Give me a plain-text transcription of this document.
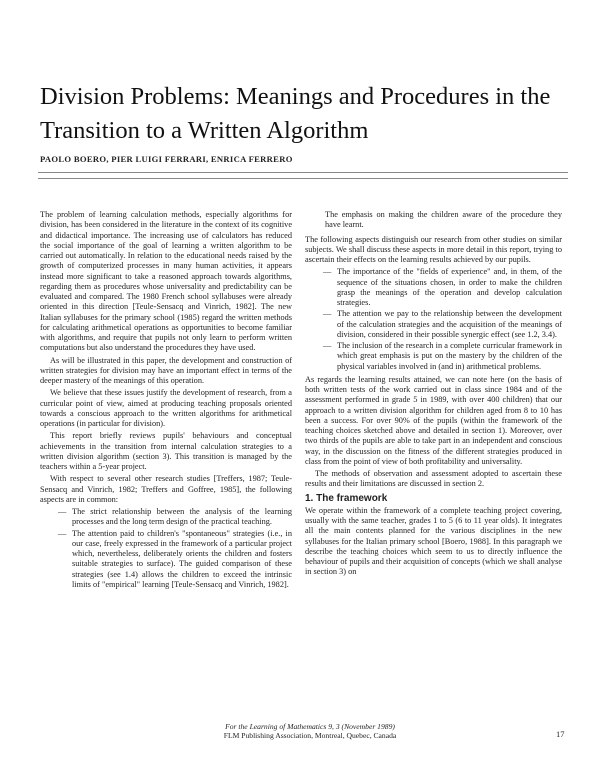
Division Problems: Meanings and Procedures in the Transition to a Written Algorithm
PAOLO BOERO, PIER LUIGI FERRARI, ENRICA FERRERO

The problem of learning calculation methods, especially algorithms for division, has been considered in the literature in the context of its cognitive and didactical importance. The increasing use of calculators has reduced the social importance of the goal of learning a written algorithm to be carried out automatically. In relation to the educational needs raised by the growth of computerized processes in many human activities, it appears instead more significant to take a reasoned approach towards algorithms, regarding them as procedures whose universality and predictability can be evaluated and compared. The 1980 French school syllabuses were already oriented in this direction [Teule-Sensacq and Vinrich, 1982]. The new Italian syllabuses for the primary school (1985) regard the written methods for calculating arithmetical operations as opportunities to become familiar with algorithms, and require that pupils not only learn to perform written computations but also understand the procedures they have used.

As will be illustrated in this paper, the development and construction of written strategies for division may have an important effect in terms of the deeper mastery of the meanings of this operation.

We believe that these issues justify the development of research, from a curricular point of view, aimed at producing teaching proposals oriented towards a conscious approach to the written algorithms for arithmetical operations (in particular for division).

This report briefly reviews pupils' behaviours and conceptual achievements in the transition from internal calculation strategies to a written division algorithm (section 3). This transition is managed by the teachers within a 5-year project.

With respect to several other research studies [Treffers, 1987; Teule-Sensacq and Vinrich, 1982; Treffers and Goffree, 1985], the following aspects are in common:

— The strict relationship between the analysis of the learning processes and the long term design of the practical teaching.
— The attention paid to children's "spontaneous" strategies (i.e., in our case, freely expressed in the framework of a particular project which, nevertheless, deliberately orients the children and fosters suitable strategies to surface). The guided comparison of these strategies (see 1.4) allows the children to exceed the intrinsic limits of "empirical" learning [Teule-Sensacq and Vinrich, 1982].

The emphasis on making the children aware of the procedure they have learnt.

The following aspects distinguish our research from other studies on similar subjects. We shall discuss these aspects in more detail in this report, trying to ascertain their effects on the learning results achieved by our pupils.

— The importance of the "fields of experience" and, in them, of the sequence of the situations chosen, in order to make the children grasp the meanings of the operation and develop calculation strategies.
— The attention we pay to the relationship between the development of the calculation strategies and the acquisition of the meanings of division, considered in their possible synergic effect (see 1.2, 3.4).
— The inclusion of the research in a complete curricular framework in which great emphasis is put on the mastery by the children of the physical variables involved in (and in) arithmetical problems.

As regards the learning results attained, we can note here (on the basis of both written tests of the work carried out in class since 1984 and of the assessment performed in grade 5 in 1989, with over 400 children) that our approach to a written division algorithm for children aged from 8 to 10 has been a success. For over 90% of the pupils (within the framework of the teaching choices sketched above and detailed in section 1). Moreover, over two thirds of the pupils are able to take part in an independent and conscious way, in the discussion on the fitness of the different strategies produced in class from the point of view of both profitability and universality.

The methods of observation and assessment adopted to ascertain these results and their limitations are discussed in section 2.

1. The framework

We operate within the framework of a complete teaching project covering, usually with the same teacher, grades 1 to 5 (6 to 11 year olds). It integrates all the main contents planned for the various disciplines in the new syllabuses for the Italian primary school [Boero, 1988]. In this paragraph we describe the teaching choices which seem to us to directly influence the behaviour of pupils and their acquisition of concepts (which we shall analyse in section 3) on

For the Learning of Mathematics 9, 3 (November 1989)
FLM Publishing Association, Montreal, Quebec, Canada	17
